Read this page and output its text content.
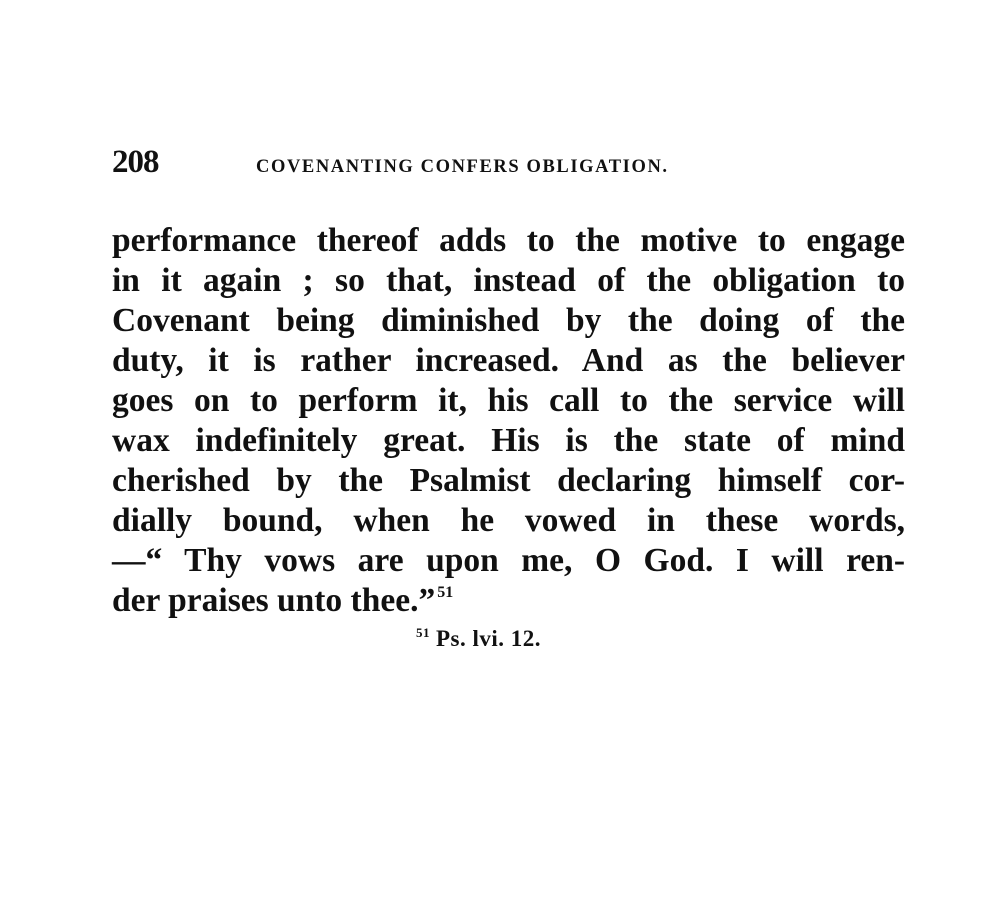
208	COVENANTING CONFERS OBLIGATION.
performance thereof adds to the motive to engage
in it again ; so that, instead of the obligation to
Covenant being diminished by the doing of the
duty, it is rather increased. And as the believer
goes on to perform it, his call to the service will
wax indefinitely great. His is the state of mind
cherished by the Psalmist declaring himself cor-
dially bound, when he vowed in these words,
—“ Thy vows are upon me, O God. I will ren-
der praises unto thee.” $^{51}$
$^{51}$ Ps. lvi. 12.
